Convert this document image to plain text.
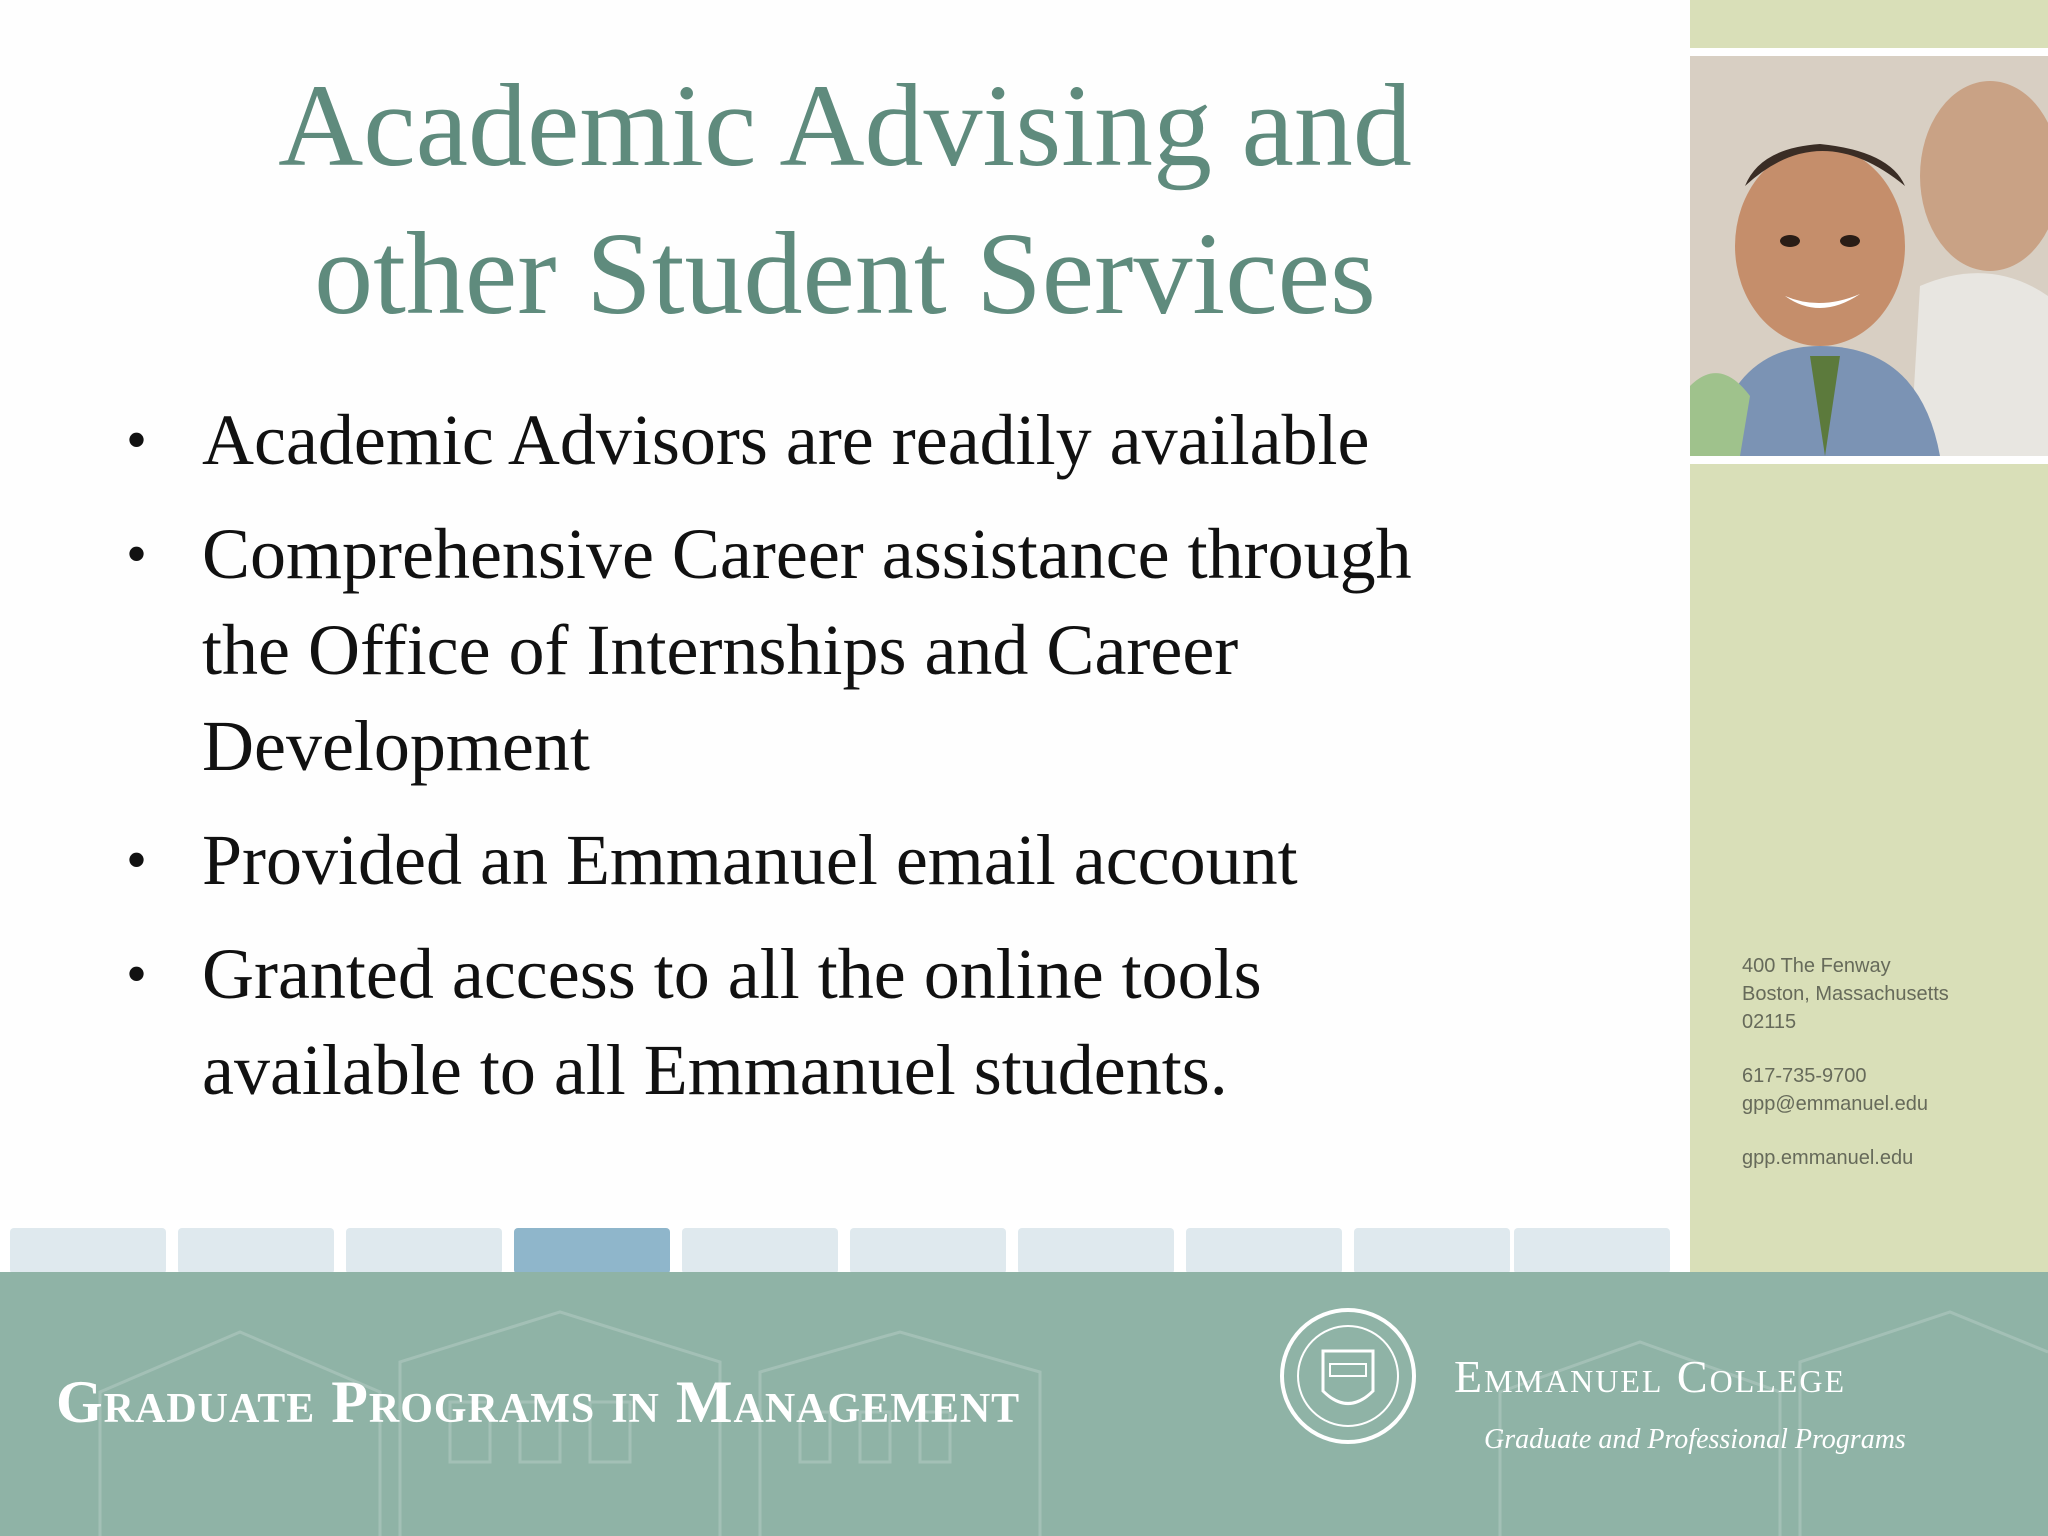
Academic Advising and
other Student Services
• Academic Advisors are readily available
• Comprehensive Career assistance through
the Office of Internships and Career
Development
• Provided an Emmanuel email account
• Granted access to all the online tools
available to all Emmanuel students.

400 The Fenway

Boston, Massachusetts

02115

617-735-9700

gpp@emmanuel.edu

gpp.emmanuel.edu

Graduate Programs in Management	Emmanuel College
Graduate and Professional Programs
